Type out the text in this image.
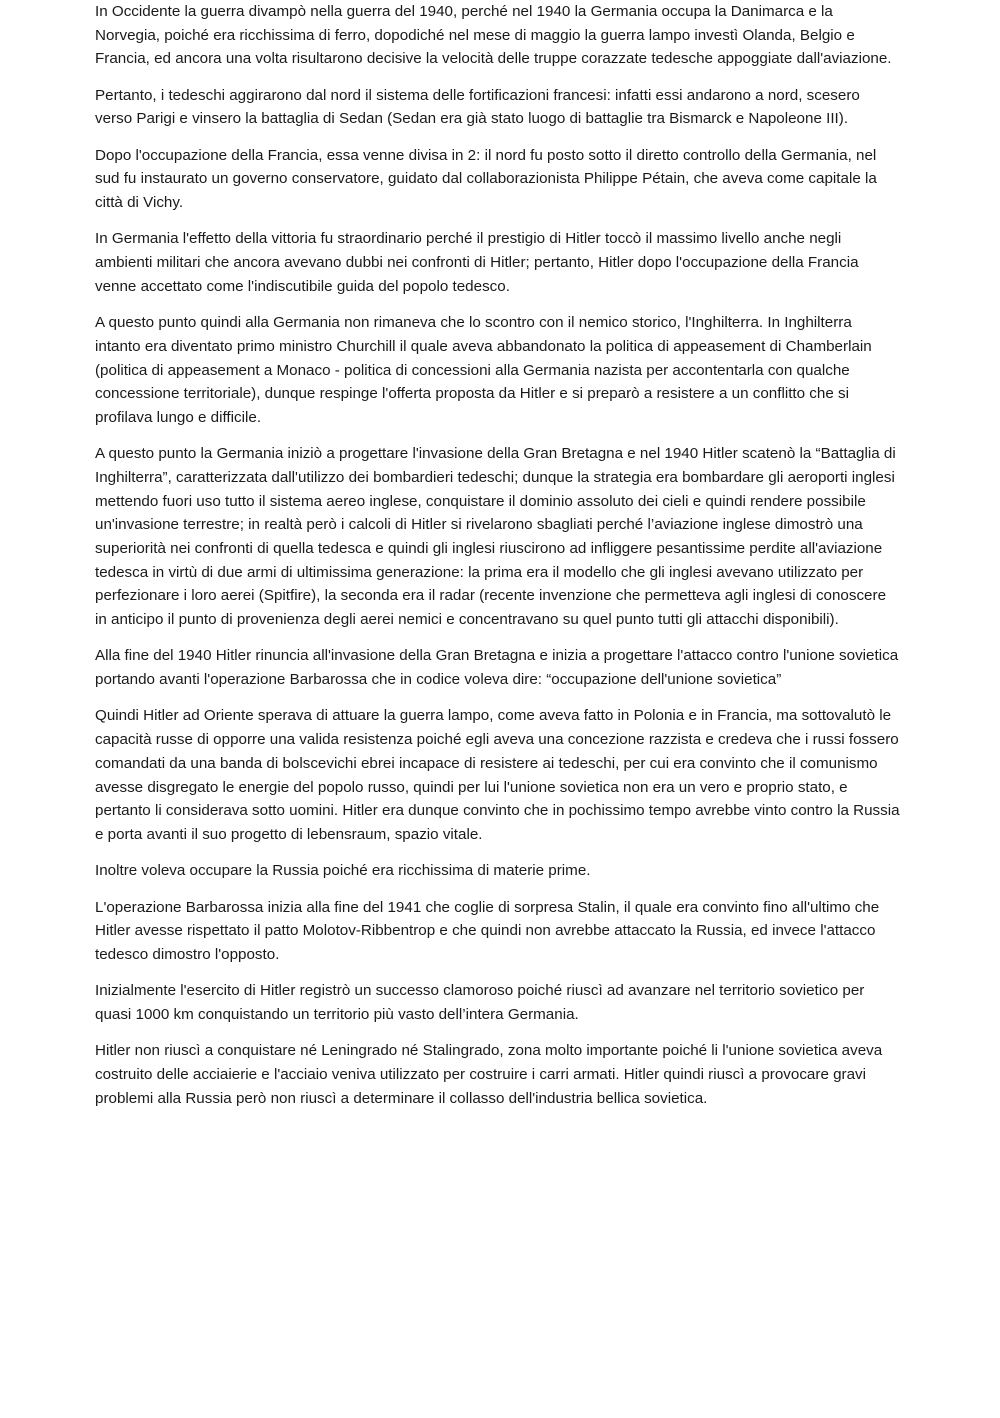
In Occidente la guerra divampò nella guerra del 1940, perché nel 1940 la Germania occupa la Danimarca e la Norvegia, poiché era ricchissima di ferro, dopodiché nel mese di maggio la guerra lampo investì Olanda, Belgio e Francia, ed ancora una volta risultarono decisive la velocità delle truppe corazzate tedesche appoggiate dall'aviazione.

Pertanto, i tedeschi aggirarono dal nord il sistema delle fortificazioni francesi: infatti essi andarono a nord, scesero verso Parigi e vinsero la battaglia di Sedan (Sedan era già stato luogo di battaglie tra Bismarck e Napoleone III).

Dopo l'occupazione della Francia, essa venne divisa in 2: il nord fu posto sotto il diretto controllo della Germania, nel sud fu instaurato un governo conservatore, guidato dal collaborazionista Philippe Pétain, che aveva come capitale la città di Vichy.

In Germania l'effetto della vittoria fu straordinario perché il prestigio di Hitler toccò il massimo livello anche negli ambienti militari che ancora avevano dubbi nei confronti di Hitler; pertanto, Hitler dopo l'occupazione della Francia venne accettato come l'indiscutibile guida del popolo tedesco.

A questo punto quindi alla Germania non rimaneva che lo scontro con il nemico storico, l'Inghilterra. In Inghilterra intanto era diventato primo ministro Churchill il quale aveva abbandonato la politica di appeasement di Chamberlain (politica di appeasement a Monaco - politica di concessioni alla Germania nazista per accontentarla con qualche concessione territoriale), dunque respinge l'offerta proposta da Hitler e si preparò a resistere a un conflitto che si profilava lungo e difficile.

A questo punto la Germania iniziò a progettare l'invasione della Gran Bretagna e nel 1940 Hitler scatenò la “Battaglia di Inghilterra”, caratterizzata dall'utilizzo dei bombardieri tedeschi; dunque la strategia era bombardare gli aeroporti inglesi mettendo fuori uso tutto il sistema aereo inglese, conquistare il dominio assoluto dei cieli e quindi rendere possibile un'invasione terrestre; in realtà però i calcoli di Hitler si rivelarono sbagliati perché l’aviazione inglese dimostrò una superiorità nei confronti di quella tedesca e quindi gli inglesi riuscirono ad infliggere pesantissime perdite all'aviazione tedesca in virtù di due armi di ultimissima generazione: la prima era il modello che gli inglesi avevano utilizzato per perfezionare i loro aerei (Spitfire), la seconda era il radar (recente invenzione che permetteva agli inglesi di conoscere in anticipo il punto di provenienza degli aerei nemici e concentravano su quel punto tutti gli attacchi disponibili).

Alla fine del 1940 Hitler rinuncia all'invasione della Gran Bretagna e inizia a progettare l'attacco contro l'unione sovietica portando avanti l'operazione Barbarossa che in codice voleva dire: “occupazione dell'unione sovietica”

Quindi Hitler ad Oriente sperava di attuare la guerra lampo, come aveva fatto in Polonia e in Francia, ma sottovalutò le capacità russe di opporre una valida resistenza poiché egli aveva una concezione razzista e credeva che i russi fossero comandati da una banda di bolscevichi ebrei incapace di resistere ai tedeschi, per cui era convinto che il comunismo avesse disgregato le energie del popolo russo, quindi per lui l'unione sovietica non era un vero e proprio stato, e pertanto li considerava sotto uomini. Hitler era dunque convinto che in pochissimo tempo avrebbe vinto contro la Russia e porta avanti il suo progetto di lebensraum, spazio vitale.

Inoltre voleva occupare la Russia poiché era ricchissima di materie prime.

L'operazione Barbarossa inizia alla fine del 1941 che coglie di sorpresa Stalin, il quale era convinto fino all'ultimo che Hitler avesse rispettato il patto Molotov-Ribbentrop e che quindi non avrebbe attaccato la Russia, ed invece l'attacco tedesco dimostro l'opposto.

Inizialmente l'esercito di Hitler registrò un successo clamoroso poiché riuscì ad avanzare nel territorio sovietico per quasi 1000 km conquistando un territorio più vasto dell’intera Germania.

Hitler non riuscì a conquistare né Leningrado né Stalingrado, zona molto importante poiché li l'unione sovietica aveva costruito delle acciaierie e l'acciaio veniva utilizzato per costruire i carri armati. Hitler quindi riuscì a provocare gravi problemi alla Russia però non riuscì a determinare il collasso dell'industria bellica sovietica.
